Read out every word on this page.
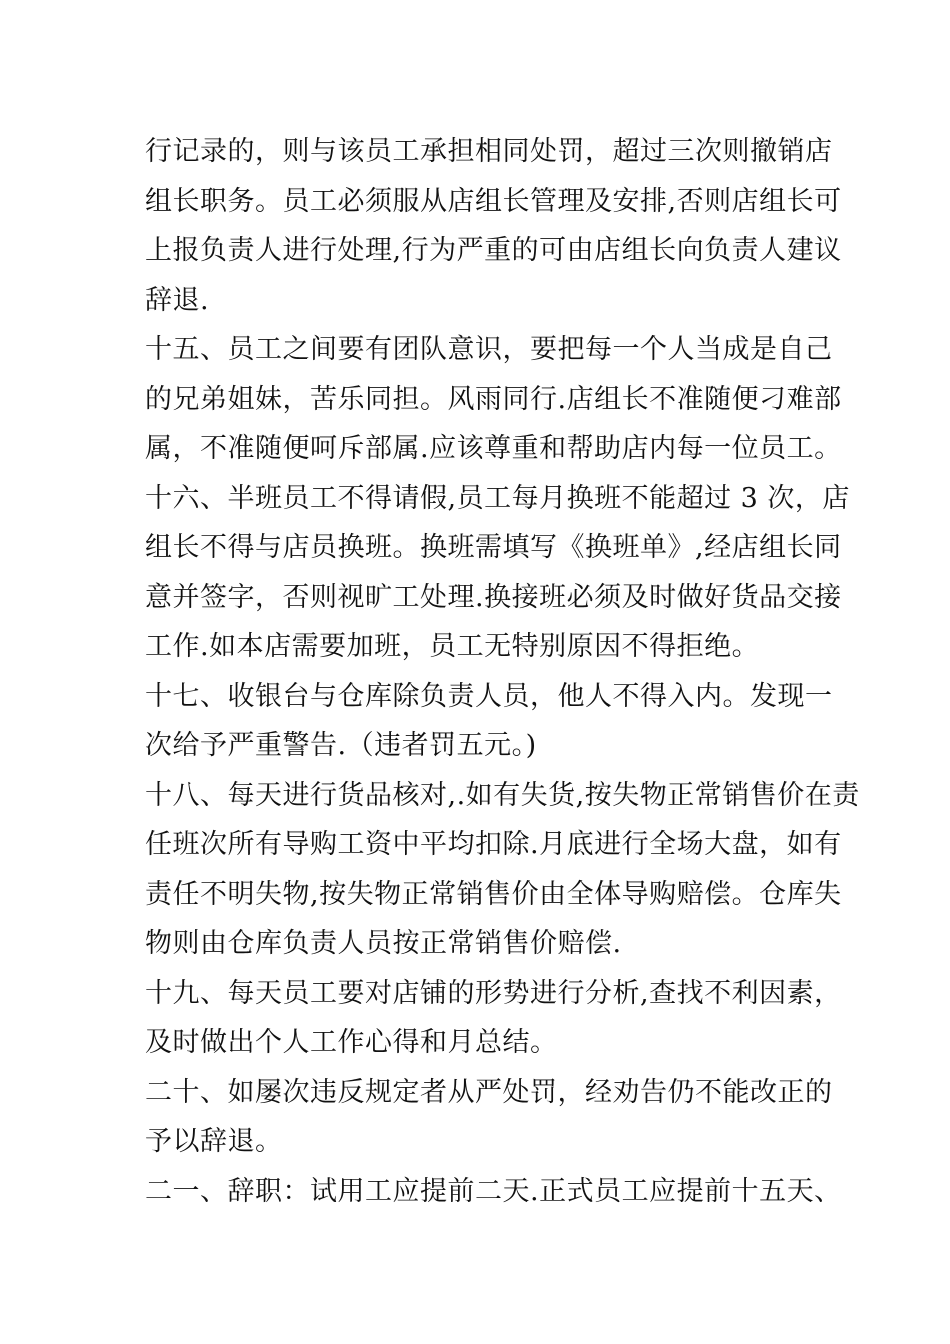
行记录的，则与该员工承担相同处罚，超过三次则撤销店
组长职务。员工必须服从店组长管理及安排,否则店组长可
上报负责人进行处理,行为严重的可由店组长向负责人建议
辞退.
十五、员工之间要有团队意识，要把每一个人当成是自己
的兄弟姐妹，苦乐同担。风雨同行.店组长不准随便刁难部
属，不准随便呵斥部属.应该尊重和帮助店内每一位员工。
十六、半班员工不得请假,员工每月换班不能超过 3 次，店
组长不得与店员换班。换班需填写《换班单》,经店组长同
意并签字，否则视旷工处理.换接班必须及时做好货品交接
工作.如本店需要加班，员工无特别原因不得拒绝。
十七、收银台与仓库除负责人员，他人不得入内。发现一
次给予严重警告.（违者罚五元。)
十八、每天进行货品核对,.如有失货,按失物正常销售价在责
任班次所有导购工资中平均扣除.月底进行全场大盘，如有
责任不明失物,按失物正常销售价由全体导购赔偿。仓库失
物则由仓库负责人员按正常销售价赔偿.
十九、每天员工要对店铺的形势进行分析,查找不利因素，
及时做出个人工作心得和月总结。
二十、如屡次违反规定者从严处罚，经劝告仍不能改正的
予以辞退。
二一、辞职：试用工应提前二天.正式员工应提前十五天、
